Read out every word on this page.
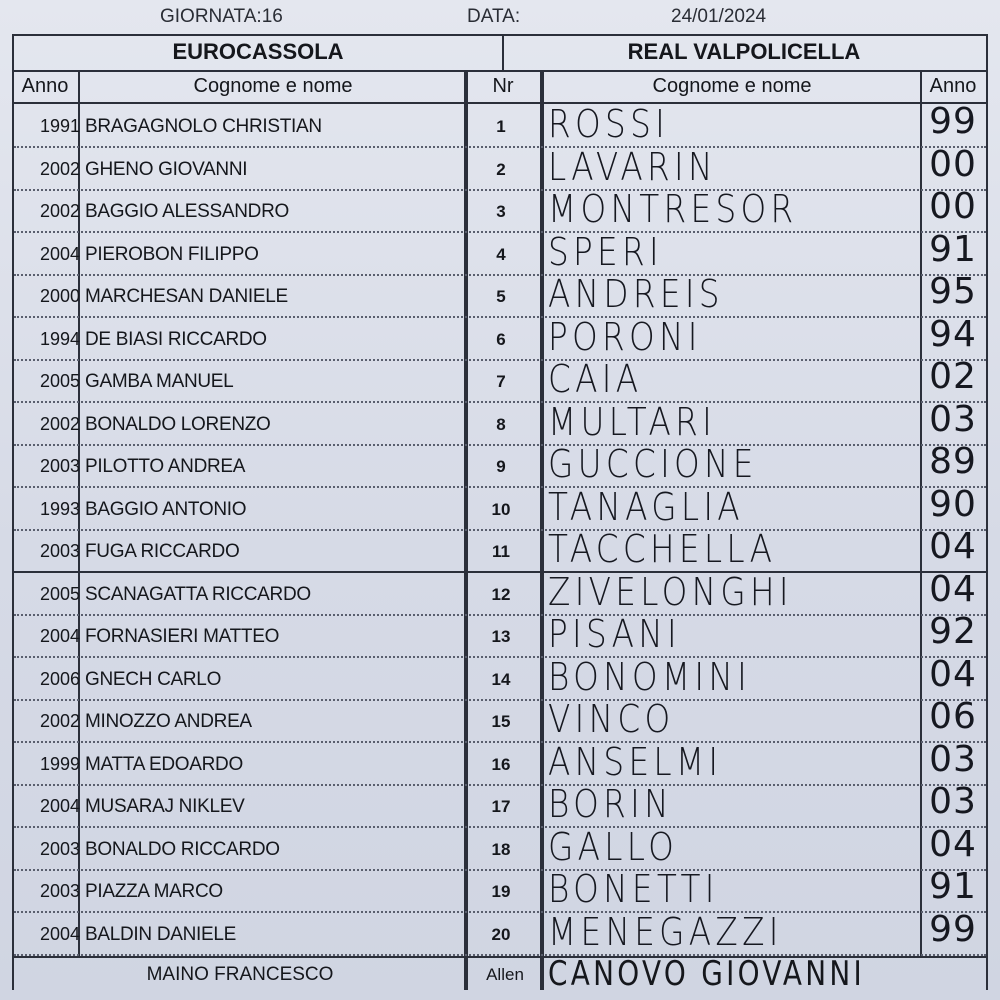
GIORNATA:16	DATA:	24/01/2024
EUROCASSOLA	REAL VALPOLICELLA
Anno	Cognome e nome	Nr	Cognome e nome	Anno
1991 BRAGAGNOLO CHRISTIAN	1	ROSSI	99
2002 GHENO GIOVANNI	2	LAVARIN	00
2002 BAGGIO ALESSANDRO	3	MONTRESOR	00
2004 PIEROBON FILIPPO	4	SPERI	91
2000 MARCHESAN DANIELE	5	ANDREIS	95
1994 DE BIASI RICCARDO	6	PORONI	94
2005 GAMBA MANUEL	7	CAIA	02
2002 BONALDO LORENZO	8	MULTARI	03
2003 PILOTTO ANDREA	9	GUCCIONE	89
1993 BAGGIO ANTONIO	10 TANAGLIA	90
2003 FUGA RICCARDO	11	TACCHELLA	04
2005 SCANAGATTA RICCARDO	12 ZIVELONGHI	04
2004 FORNASIERI MATTEO	13 PISANI	92
2006 GNECH CARLO	14 BONOMINI	04
2002 MINOZZO ANDREA	15 VINCO	06
1999 MATTA EDOARDO	16 ANSELMI	03
2004 MUSARAJ NIKLEV	17 BORIN	03
2003 BONALDO RICCARDO	18 GALLO	04
2003 PIAZZA MARCO	19 BONETTI	91
2004 BALDIN DANIELE	20 MENEGAZZI	99
MAINO FRANCESCO	Allen CANOVO GIOVANNI
